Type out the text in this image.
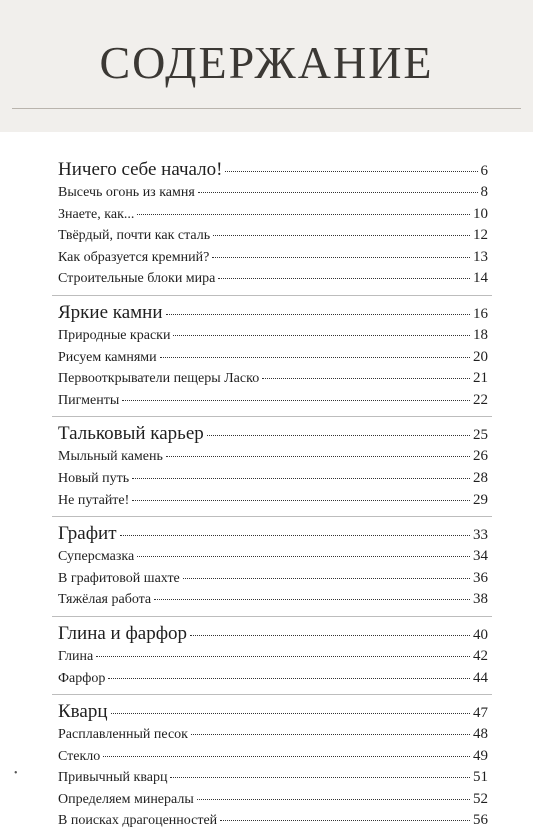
СОДЕРЖАНИЕ
Ничего себе начало!	6
Высечь огонь из камня	8
Знаете, как...	10
Твёрдый, почти как сталь	12
Как образуется кремний?	13
Строительные блоки мира	14
Яркие камни	16
Природные краски	18
Рисуем камнями	20
Первооткрыватели пещеры Ласко	21
Пигменты	22
Тальковый карьер	25
Мыльный камень	26
Новый путь	28
Не путайте!	29
Графит	33
Суперсмазка	34
В графитовой шахте	36
Тяжёлая работа	38
Глина и фарфор	40
Глина	42
Фарфор	44
Кварц	47
Расплавленный песок	48
Стекло	49
Привычный кварц	51
Определяем минералы	52
В поисках драгоценностей	56
•
